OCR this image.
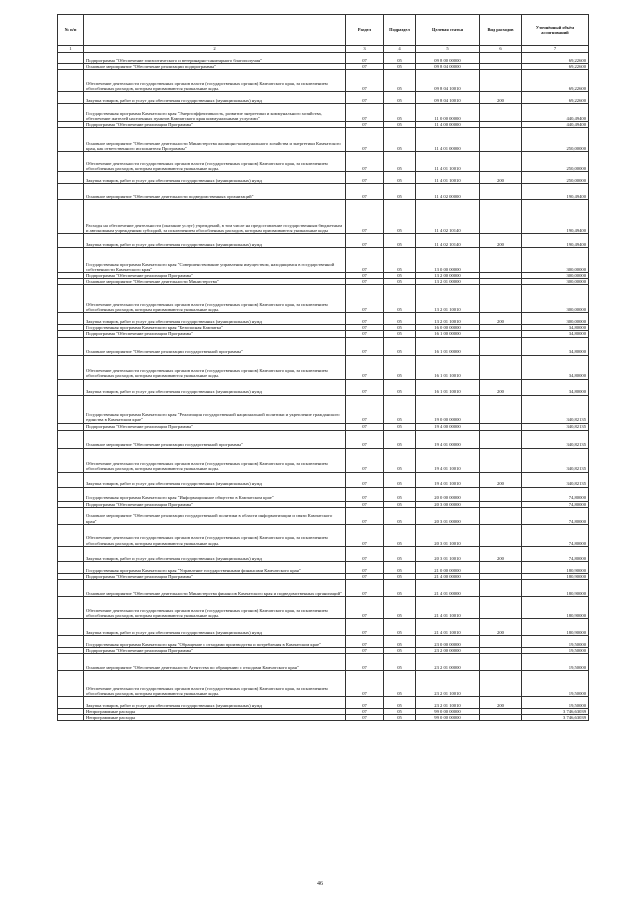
№ п/п		Раздел	Подраздел	Целевая статья	Вид расходов	Уточнённый объём ассигнований
1	2	3	4	5	6	7
	Подпрограмма "Обеспечение эпизоотического и ветеринарно-санитарного благополучия"	07	05	09 8 00 00000		69,22600
	Основное мероприятие "Обеспечение реализации подпрограммы"	07	05	09 8 04 00000		69,22600
	Обеспечение деятельности государственных органов власти (государственных органов) Камчатского края, за исключением обособленных расходов, которым присваиваются уникальные коды.	07	05	09 8 04 10010		69,22600
	Закупка товаров, работ и услуг для обеспечения государственных (муниципальных) нужд	07	05	09 8 04 10010	200	69,22600
	Государственная программа Камчатского края "Энергоэффективность, развитие энергетики и коммунального хозяйства, обеспечение жителей населенных пунктов Камчатского края коммунальными услугами"	07	05	11 0 00 00000		440,49400
	Подпрограмма "Обеспечение реализации Программы"	07	05	11 4 00 00000		440,49400
	Основное мероприятие "Обеспечение деятельности Министерства жилищно-коммунального хозяйства и энергетики Камчатского края, как ответственного исполнителя Программы"	07	05	11 4 01 00000		250,00000
	Обеспечение деятельности государственных органов власти (государственных органов) Камчатского края, за исключением обособленных расходов, которым присваиваются уникальные коды.	07	05	11 4 01 10010		250,00000
	Закупка товаров, работ и услуг для обеспечения государственных (муниципальных) нужд	07	05	11 4 01 10010	200	250,00000
	Основное мероприятие "Обеспечение деятельности подведомственных организаций"	07	05	11 4 02 00000		190,49400
	Расходы на обеспечение деятельности (оказание услуг) учреждений, в том числе на предоставление государственным бюджетным и автономным учреждениям субсидий, за исключением обособленных расходов, которым присваиваются уникальные коды	07	05	11 4 02 10140		190,49400
	Закупка товаров, работ и услуг для обеспечения государственных (муниципальных) нужд	07	05	11 4 02 10140	200	190,49400
	Государственная программа Камчатского края "Совершенствование управления имуществом, находящимся в государственной собственности Камчатского края"	07	05	13 0 00 00000		300,00000
	Подпрограмма "Обеспечение реализации Программы"	07	05	13 2 00 00000		300,00000
	Основное мероприятие "Обеспечение деятельности Министерства"	07	05	13 2 01 00000		300,00000
	Обеспечение деятельности государственных органов власти (государственных органов) Камчатского края, за исключением обособленных расходов, которым присваиваются уникальные коды.	07	05	13 2 01 10010		300,00000
	Закупка товаров, работ и услуг для обеспечения государственных (муниципальных) нужд	07	05	13 2 01 10010	200	300,00000
	Государственная программа Камчатского края "Безопасная Камчатка"	07	05	16 0 00 00000		34,80000
	Подпрограмма "Обеспечение реализации Программы"	07	05	16 1 00 00000		34,80000
	Основное мероприятие "Обеспечение реализации государственной программы"	07	05	16 1 01 00000		34,80000
	Обеспечение деятельности государственных органов власти (государственных органов) Камчатского края, за исключением обособленных расходов, которым присваиваются уникальные коды.	07	05	16 1 01 10010		34,80000
	Закупка товаров, работ и услуг для обеспечения государственных (муниципальных) нужд	07	05	16 1 01 10010	200	34,80000
	Государственная программа Камчатского края "Реализация государственной национальной политики и укрепление гражданского единства в Камчатском крае"	07	05	19 0 00 00000		340,82135
	Подпрограмма "Обеспечение реализации Программы"	07	05	19 4 00 00000		340,82135
	Основное мероприятие "Обеспечение реализации государственной программы"	07	05	19 4 01 00000		340,82135
	Обеспечение деятельности государственных органов власти (государственных органов) Камчатского края, за исключением обособленных расходов, которым присваиваются уникальные коды.	07	05	19 4 01 10010		340,82135
	Закупка товаров, работ и услуг для обеспечения государственных (муниципальных) нужд	07	05	19 4 01 10010	200	340,82135
	Государственная программа Камчатского края "Информационное общество в Камчатском крае"	07	05	20 0 00 00000		74,80000
	Подпрограмма "Обеспечение реализации Программы"	07	05	20 3 00 00000		74,80000
	Основное мероприятие "Обеспечение реализации государственной политики в области информатизации и связи Камчатского края"	07	05	20 3 01 00000		74,80000
	Обеспечение деятельности государственных органов власти (государственных органов) Камчатского края, за исключением обособленных расходов, которым присваиваются уникальные коды.	07	05	20 3 01 10010		74,80000
	Закупка товаров, работ и услуг для обеспечения государственных (муниципальных) нужд	07	05	20 3 01 10010	200	74,80000
	Государственная программа Камчатского края "Управление государственными финансами Камчатского края"	07	05	21 0 00 00000		180,90000
	Подпрограмма "Обеспечение реализации Программы"	07	05	21 4 00 00000		180,90000
	Основное мероприятие "Обеспечение деятельности Министерства финансов Камчатского края и подведомственных организаций"	07	05	21 4 01 00000		180,90000
	Обеспечение деятельности государственных органов власти (государственных органов) Камчатского края, за исключением обособленных расходов, которым присваиваются уникальные коды.	07	05	21 4 01 10010		180,90000
	Закупка товаров, работ и услуг для обеспечения государственных (муниципальных) нужд	07	05	21 4 01 10010	200	180,90000
	Государственная программа Камчатского края "Обращение с отходами производства и потребления в Камчатском крае"	07	05	23 0 00 00000		19,50000
	Подпрограмма "Обеспечение реализации Программы"	07	05	23 2 00 00000		19,50000
	Основное мероприятие "Обеспечение деятельности Агентства по обращению с отходами Камчатского края"	07	05	23 2 01 00000		19,50000
	Обеспечение деятельности государственных органов власти (государственных органов) Камчатского края, за исключением обособленных расходов, которым присваиваются уникальные коды.	07	05	23 2 01 10010		19,50000
	Закупка товаров, работ и услуг для обеспечения государственных (муниципальных) нужд	07	05	23 2 01 10010	200	19,50000
	Непрограммные расходы	07	05	99 0 00 00000		3 746,63039
	Непрограммные расходы	07	05	99 0 00 00000		3 746,63039
46
